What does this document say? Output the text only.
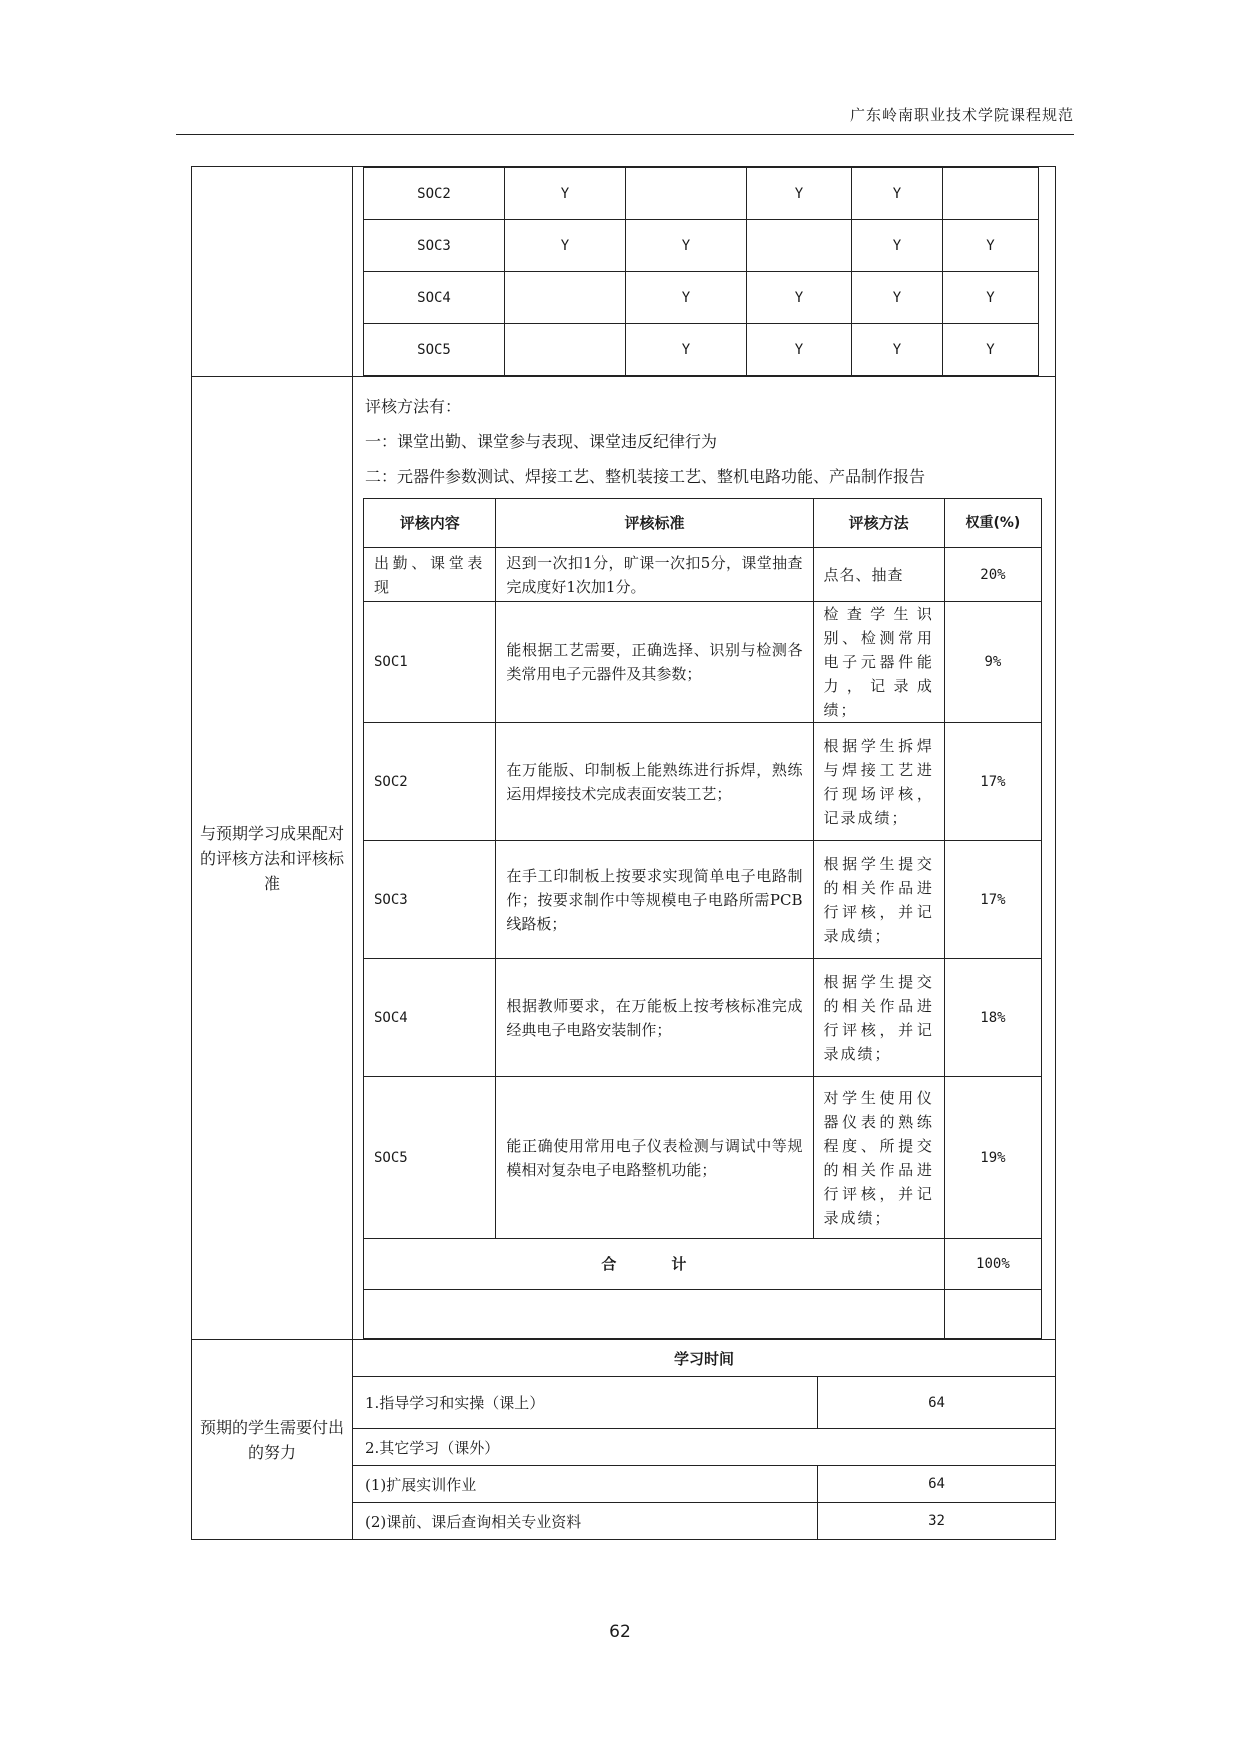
广东岭南职业技术学院课程规范
SOC2	Y		Y	Y	
SOC3	Y	Y		Y	Y
SOC4		Y	Y	Y	Y
SOC5		Y	Y	Y	Y
与预期学习成果配对的评核方法和评核标准
评核方法有：
一：课堂出勤、课堂参与表现、课堂违反纪律行为
二：元器件参数测试、焊接工艺、整机装接工艺、整机电路功能、产品制作报告
评核内容	评核标准	评核方法	权重(%)
出勤、课堂表现	迟到一次扣1分，旷课一次扣5分，课堂抽查完成度好1次加1分。	点名、抽查	20%
SOC1	能根据工艺需要，正确选择、识别与检测各类常用电子元器件及其参数；	检查学生识别、检测常用电子元器件能力，记录成绩；	9%
SOC2	在万能版、印制板上能熟练进行拆焊，熟练运用焊接技术完成表面安装工艺；	根据学生拆焊与焊接工艺进行现场评核，记录成绩；	17%
SOC3	在手工印制板上按要求实现简单电子电路制作；按要求制作中等规模电子电路所需PCB线路板；	根据学生提交的相关作品进行评核，并记录成绩；	17%
SOC4	根据教师要求，在万能板上按考核标准完成经典电子电路安装制作；	根据学生提交的相关作品进行评核，并记录成绩；	18%
SOC5	能正确使用常用电子仪表检测与调试中等规模相对复杂电子电路整机功能；	对学生使用仪器仪表的熟练程度、所提交的相关作品进行评核，并记录成绩；	19%
合　计			100%

预期的学生需要付出的努力
学习时间	
1.指导学习和实操（课上）	64
2.其它学习（课外）	
(1)扩展实训作业	64
(2)课前、课后查询相关专业资料	32
62
